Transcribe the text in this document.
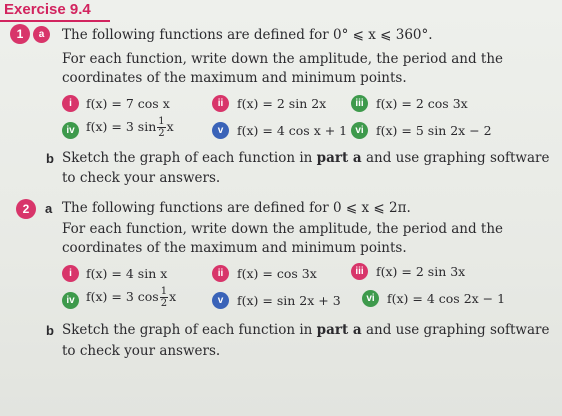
Exercise 9.4
1	a	The following functions are defined for 0° ⩽ x ⩽ 360°.
For each function, write down the amplitude, the period and the
coordinates of the maximum and minimum points.
i	f(x) = 7 cos x	ii	f(x) = 2 sin 2x	iii f(x) = 2 cos 3x
iv f(x) = 3 $\sin \frac{1}{2}$ x	v	f(x) = 4 cos x + 1 vi f(x) = 5 sin 2x − 2
b Sketch the graph of each function in part a and use graphing software
to check your answers.
2	a The following functions are defined for 0 ⩽ x ⩽ 2π.
For each function, write down the amplitude, the period and the
coordinates of the maximum and minimum points.
i	f(x) = 4 sin x	ii	f(x) = cos 3x	iii f(x) = 2 sin 3x
iv f(x) = 3 $\cos \frac{1}{2}$ x	v	f(x) = sin 2x + 3	vi f(x) = 4 cos 2x − 1
b Sketch the graph of each function in part a and use graphing software
to check your answers.
